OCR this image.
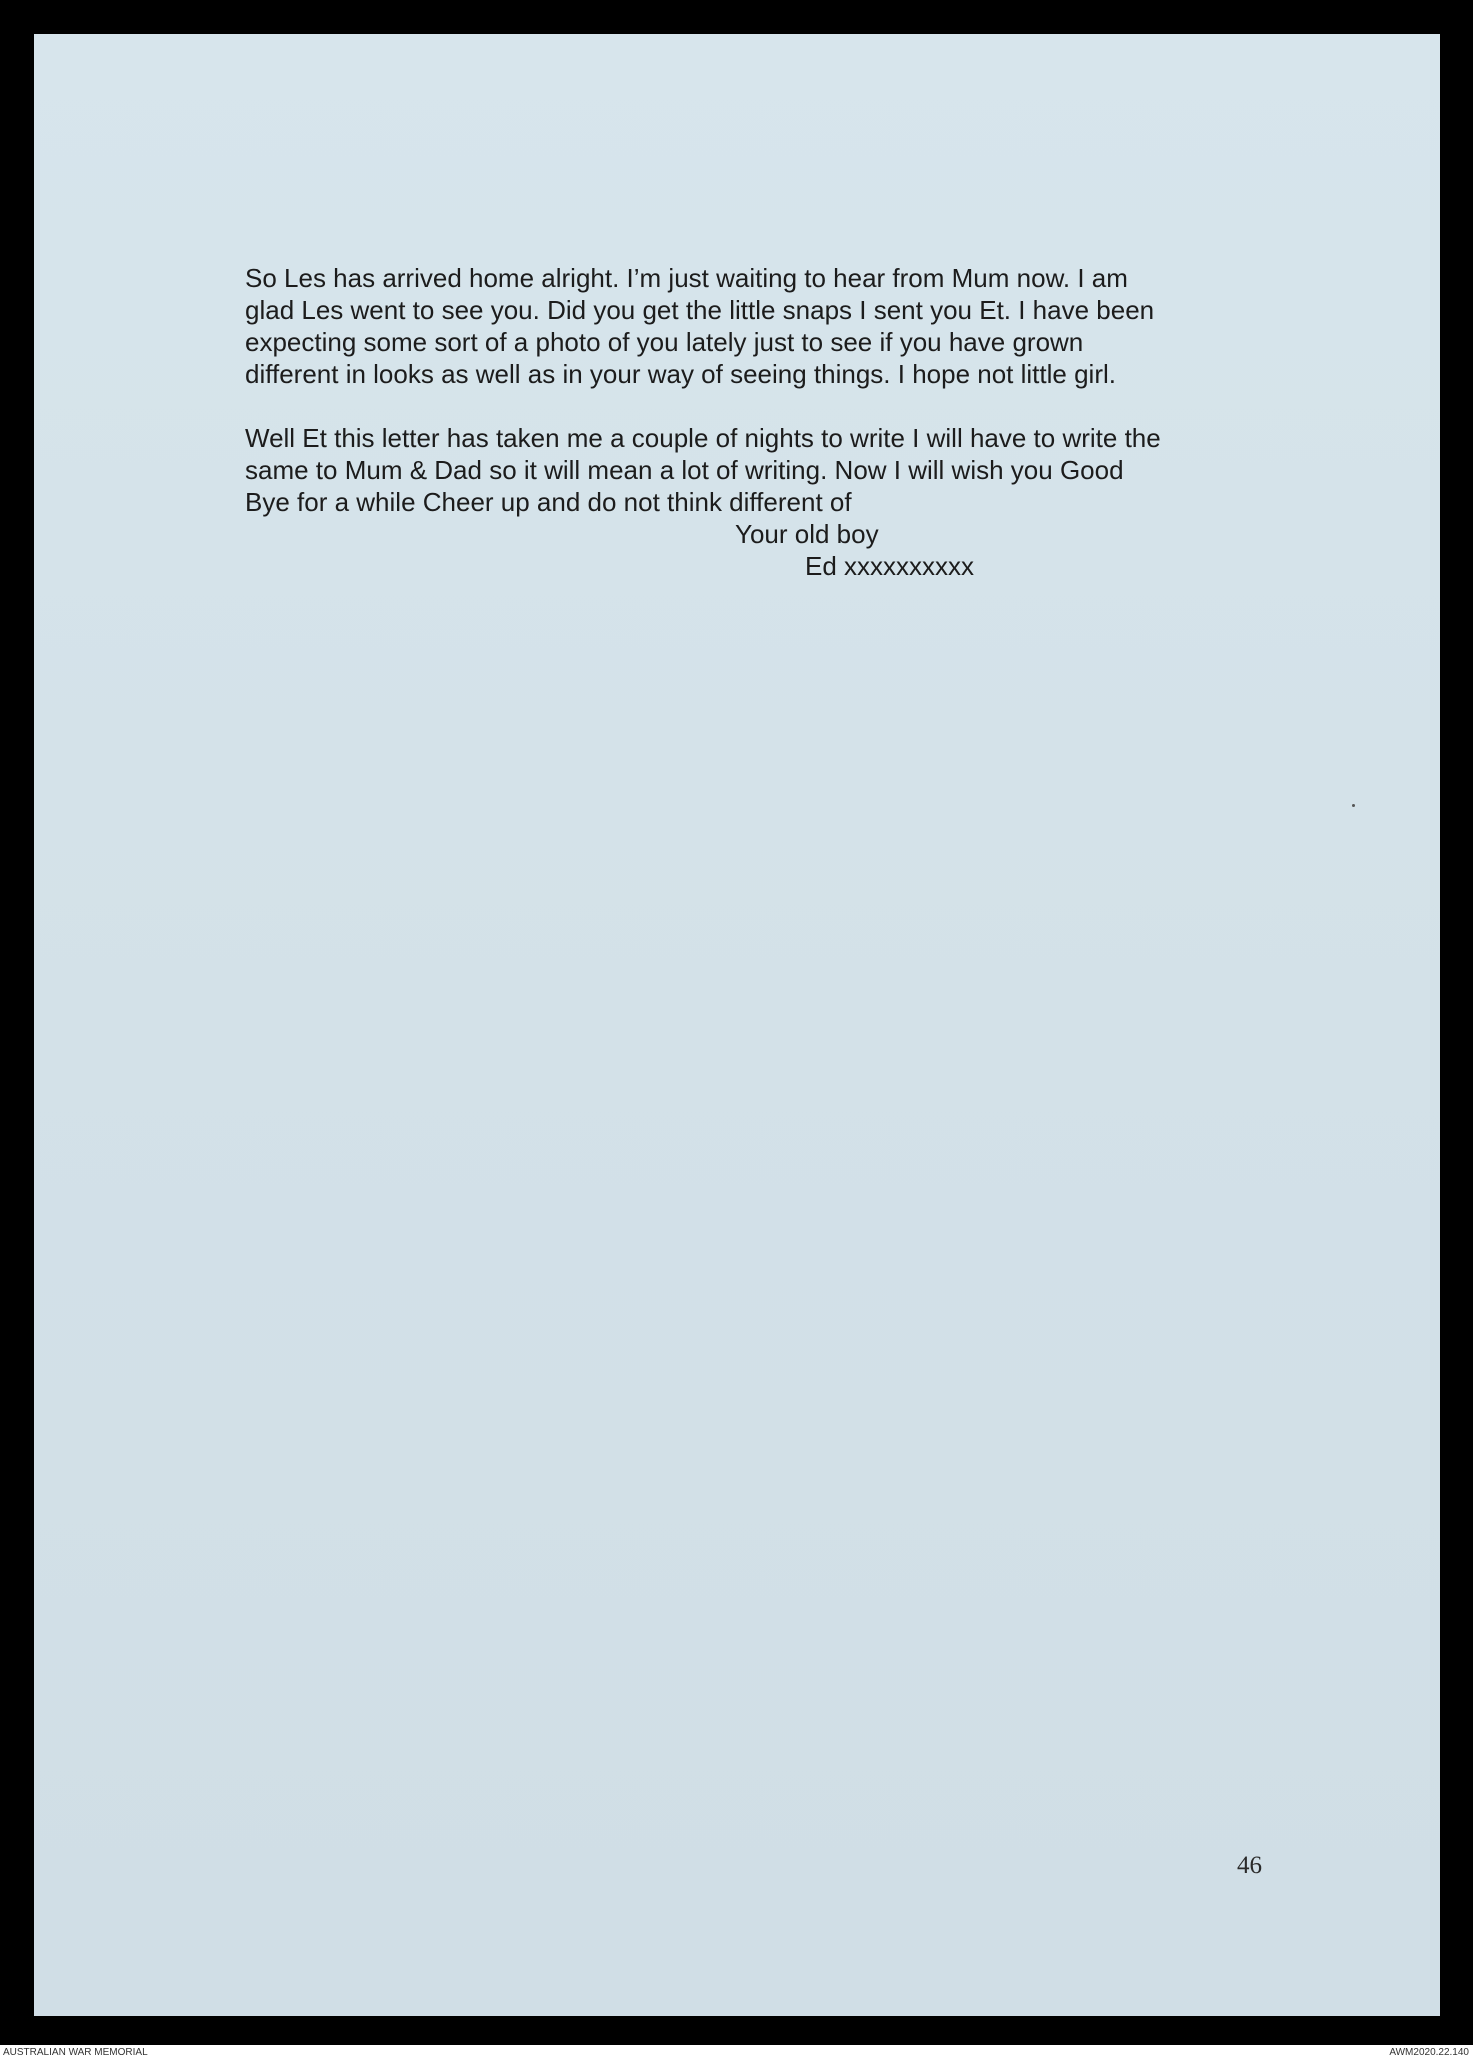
So Les has arrived home alright. I’m just waiting to hear from Mum now. I am
glad Les went to see you. Did you get the little snaps I sent you Et. I have been
expecting some sort of a photo of you lately just to see if you have grown
different in looks as well as in your way of seeing things. I hope not little girl.
Well Et this letter has taken me a couple of nights to write I will have to write the
same to Mum & Dad so it will mean a lot of writing. Now I will wish you Good
Bye for a while Cheer up and do not think different of
Your old boy
Ed xxxxxxxxxx
46
AUSTRALIAN WAR MEMORIAL	AWM2020.22.140
